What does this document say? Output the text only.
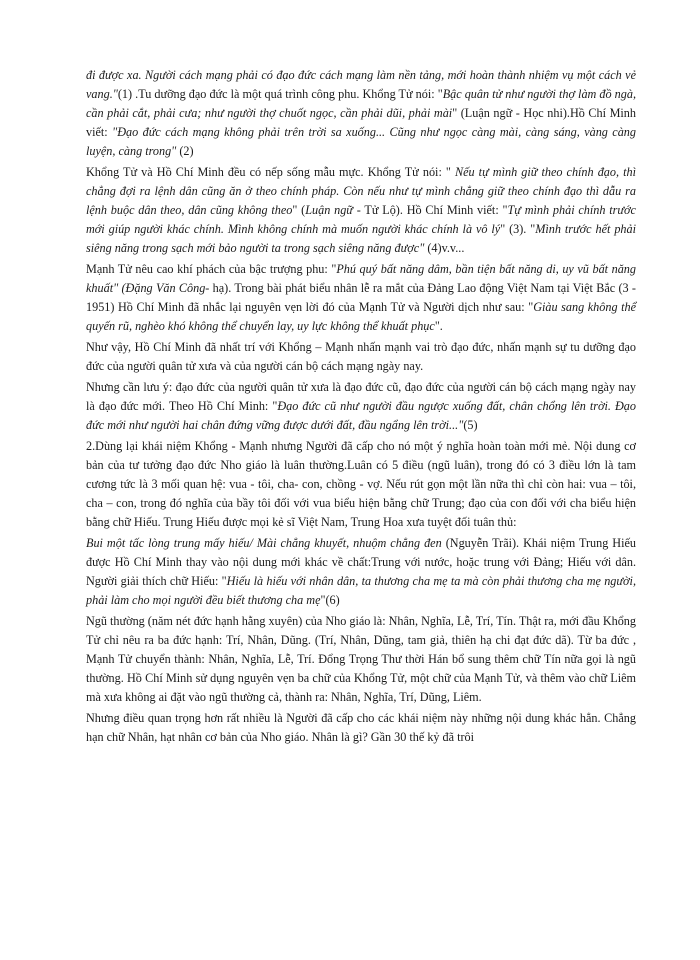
đi được xa. Người cách mạng phải có đạo đức cách mạng làm nền tảng, mới hoàn thành nhiệm vụ một cách vẻ vang."(1) .Tu dưỡng đạo đức là một quá trình công phu. Khổng Tử nói: "Bậc quân tử như người thợ làm đồ ngà, cần phải cắt, phải cưa; như người thợ chuốt ngọc, cần phải dũi, phải mài" (Luận ngữ - Học nhi).Hồ Chí Minh viết: "Đạo đức cách mạng không phải trên trời sa xuống... Cũng như ngọc càng mài, càng sáng, vàng càng luyện, càng trong" (2)

Khổng Tử và Hồ Chí Minh đều có nếp sống mẫu mực. Khổng Tử nói: " Nếu tự mình giữ theo chính đạo, thì chẳng đợi ra lệnh dân cũng ăn ở theo chính pháp. Còn nếu như tự mình chẳng giữ theo chính đạo thì dẫu ra lệnh buộc dân theo, dân cũng không theo" (Luận ngữ - Tử Lộ). Hồ Chí Minh viết: "Tự mình phải chính trước mới giúp người khác chính. Mình không chính mà muốn người khác chính là vô lý" (3). "Mình trước hết phải siêng năng trong sạch mới bảo người ta trong sạch siêng năng được" (4)v.v...

Mạnh Tử nêu cao khí phách của bậc trượng phu: "Phú quý bất năng dâm, bần tiện bất năng di, uy vũ bất năng khuất" (Đặng Văn Công- hạ). Trong bài phát biểu nhân lễ ra mắt của Đảng Lao động Việt Nam tại Việt Bắc (3 - 1951) Hồ Chí Minh đã nhắc lại nguyên vẹn lời đó của Mạnh Tử và Người dịch như sau: "Giàu sang không thể quyến rũ, nghèo khó không thể chuyển lay, uy lực không thể khuất phục".

Như vậy, Hồ Chí Minh đã nhất trí với Khổng – Mạnh nhấn mạnh vai trò đạo đức, nhấn mạnh sự tu dưỡng đạo đức của người quân tử xưa và của người cán bộ cách mạng ngày nay.

Nhưng cần lưu ý: đạo đức của người quân tử xưa là đạo đức cũ, đạo đức của người cán bộ cách mạng ngày nay là đạo đức mới. Theo Hồ Chí Minh: "Đạo đức cũ như người đầu ngược xuống đất, chân chổng lên trời. Đạo đức mới như người hai chân đứng vững được dưới đất, đầu ngẩng lên trời..."(5)

2.Dùng lại khái niệm Khổng - Mạnh nhưng Người đã cấp cho nó một ý nghĩa hoàn toàn mới mẻ. Nội dung cơ bản của tư tưởng đạo đức Nho giáo là luân thường.Luân có 5 điều (ngũ luân), trong đó có 3 điều lớn là tam cương tức là 3 mối quan hệ: vua - tôi, cha- con, chồng - vợ. Nếu rút gọn một lần nữa thì chỉ còn hai: vua – tôi, cha – con, trong đó nghĩa của bầy tôi đối với vua biểu hiện bằng chữ Trung; đạo của con đối với cha biểu hiện bằng chữ Hiếu. Trung Hiếu được mọi kẻ sĩ Việt Nam, Trung Hoa xưa tuyệt đối tuân thủ:

Bui một tấc lòng trung mấy hiếu/ Mài chẳng khuyết, nhuộm chẳng đen (Nguyễn Trãi). Khái niệm Trung Hiếu được Hồ Chí Minh thay vào nội dung mới khác về chất:Trung với nước, hoặc trung với Đảng; Hiếu với dân. Người giải thích chữ Hiếu: "Hiếu là hiếu với nhân dân, ta thương cha mẹ ta mà còn phải thương cha mẹ người, phải làm cho mọi người đều biết thương cha mẹ"(6)

Ngũ thường (năm nét đức hạnh hằng xuyên) của Nho giáo là: Nhân, Nghĩa, Lễ, Trí, Tín. Thật ra, mới đầu Khổng Tử chỉ nêu ra ba đức hạnh: Trí, Nhân, Dũng. (Trí, Nhân, Dũng, tam giả, thiên hạ chi đạt đức dã). Từ ba đức , Mạnh Tử chuyển thành: Nhân, Nghĩa, Lễ, Trí. Đổng Trọng Thư thời Hán bổ sung thêm chữ Tín nữa gọi là ngũ thường. Hồ Chí Minh sử dụng nguyên vẹn ba chữ của Khổng Tử, một chữ của Mạnh Tử, và thêm vào chữ Liêm mà xưa không ai đặt vào ngũ thường cả, thành ra: Nhân, Nghĩa, Trí, Dũng, Liêm.

Nhưng điều quan trọng hơn rất nhiều là Người đã cấp cho các khái niệm này những nội dung khác hẳn. Chẳng hạn chữ Nhân, hạt nhân cơ bản của Nho giáo. Nhân là gì? Gần 30 thế kỷ đã trôi
